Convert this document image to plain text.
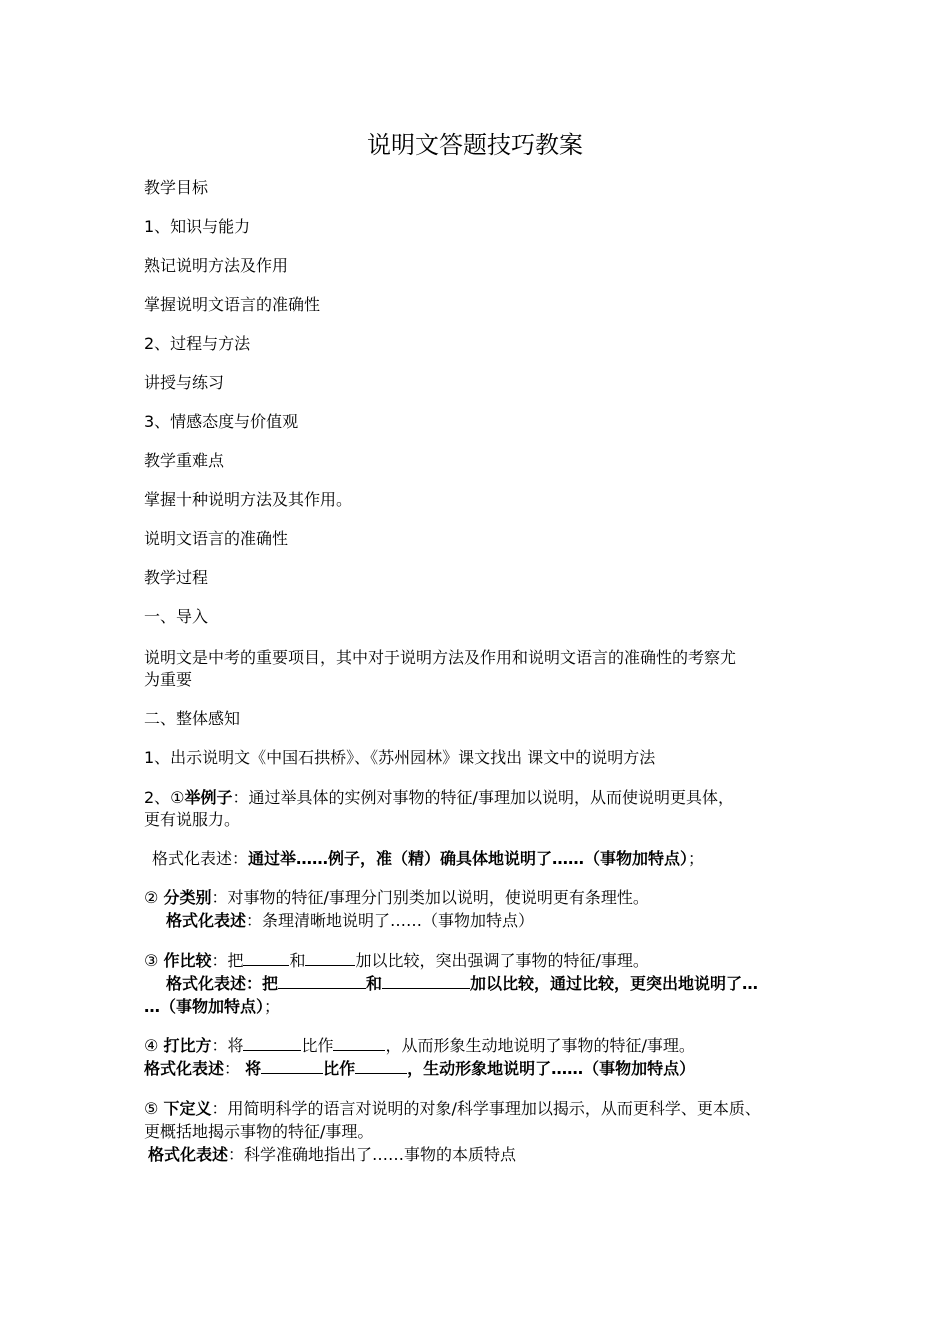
说明文答题技巧教案
教学目标
1、知识与能力
熟记说明方法及作用
掌握说明文语言的准确性
2、过程与方法
讲授与练习
3、情感态度与价值观
教学重难点
掌握十种说明方法及其作用。
说明文语言的准确性
教学过程
一、导入
说明文是中考的重要项目，其中对于说明方法及作用和说明文语言的准确性的考察尤
为重要
二、整体感知
1、出示说明文《中国石拱桥》、《苏州园林》课文找出 课文中的说明方法
2、①举例子：通过举具体的实例对事物的特征/事理加以说明，从而使说明更具体，
更有说服力。
格式化表述：通过举……例子，准（精）确具体地说明了……（事物加特点）；
② 分类别：对事物的特征/事理分门别类加以说明，使说明更有条理性。
格式化表述：条理清晰地说明了……（事物加特点）
③ 作比较：把	和	加以比较，突出强调了事物的特征/事理。
格式化表述：把	和	加以比较，通过比较，更突出地说明了…
…（事物加特点）；
④ 打比方：将	比作	，从而形象生动地说明了事物的特征/事理。
格式化表述： 将	比作	，生动形象地说明了……（事物加特点）
⑤ 下定义：用简明科学的语言对说明的对象/科学事理加以揭示，从而更科学、更本质、
更概括地揭示事物的特征/事理。
格式化表述：科学准确地指出了……事物的本质特点
